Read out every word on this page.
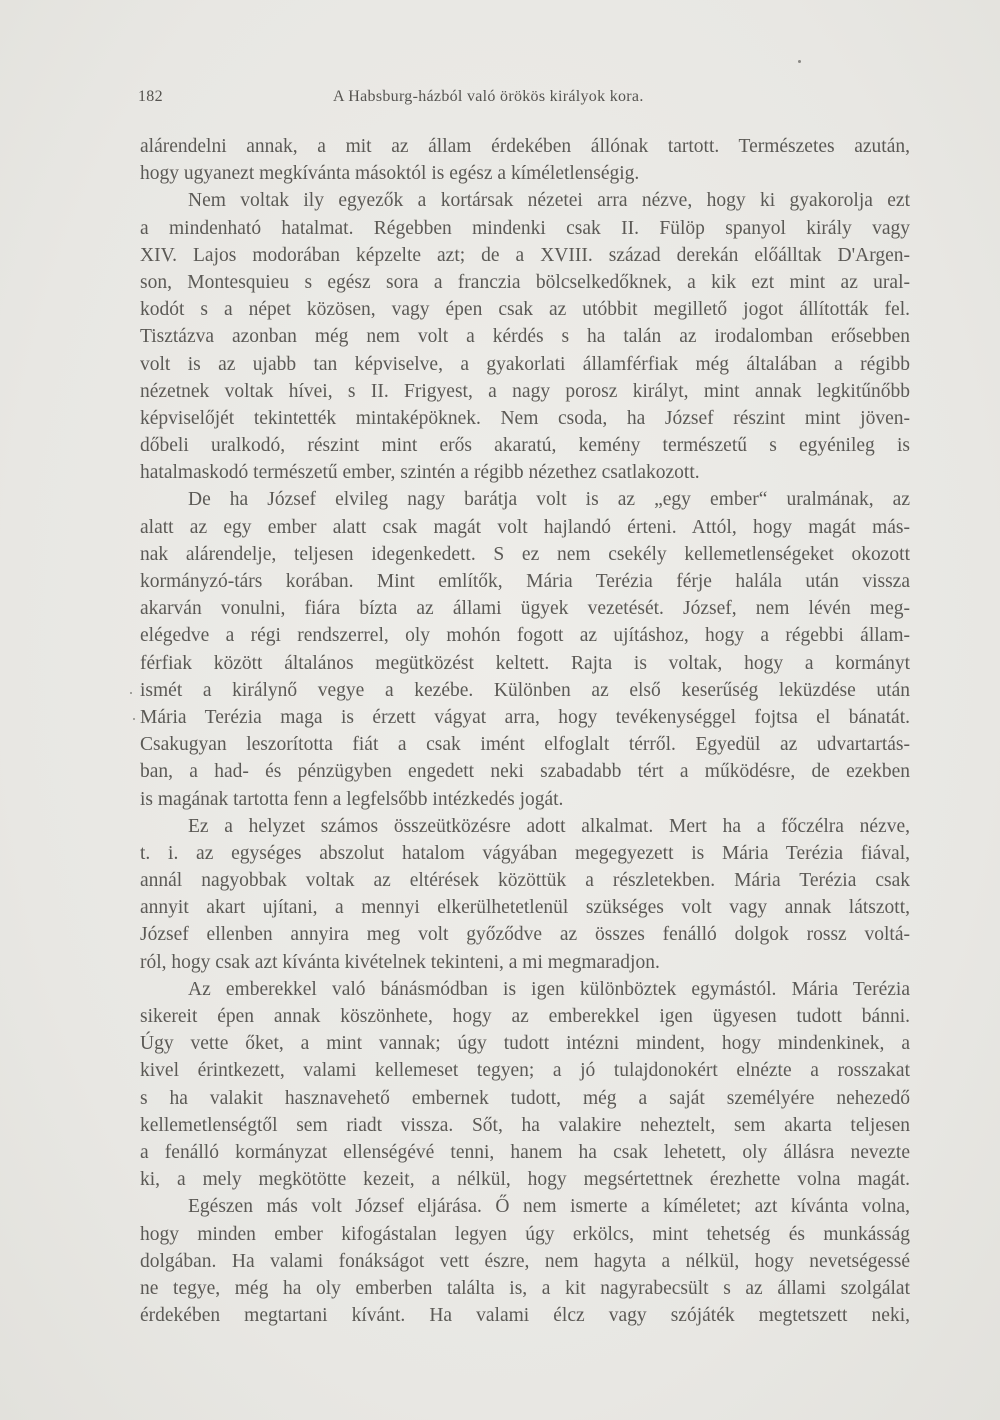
182	A Habsburg-házból való örökös királyok kora.
alárendelni annak, a mit az állam érdekében állónak tartott. Természetes azután,
hogy ugyanezt megkívánta másoktól is egész a kíméletlenségig.
Nem voltak ily egyezők a kortársak nézetei arra nézve, hogy ki gyakorolja ezt
a mindenható hatalmat. Régebben mindenki csak II. Fülöp spanyol király vagy
XIV. Lajos modorában képzelte azt; de a XVIII. század derekán előálltak D'Argen-
son, Montesquieu s egész sora a franczia bölcselkedőknek, a kik ezt mint az ural-
kodót s a népet közösen, vagy épen csak az utóbbit megillető jogot állították fel.
Tisztázva azonban még nem volt a kérdés s ha talán az irodalomban erősebben
volt is az ujabb tan képviselve, a gyakorlati államférfiak még általában a régibb
nézetnek voltak hívei, s II. Frigyest, a nagy porosz királyt, mint annak legkitűnőbb
képviselőjét tekintették mintaképöknek. Nem csoda, ha József részint mint jöven-
dőbeli uralkodó, részint mint erős akaratú, kemény természetű s egyénileg is
hatalmaskodó természetű ember, szintén a régibb nézethez csatlakozott.
De ha József elvileg nagy barátja volt is az „egy ember“ uralmának, az
alatt az egy ember alatt csak magát volt hajlandó érteni. Attól, hogy magát más-
nak alárendelje, teljesen idegenkedett. S ez nem csekély kellemetlenségeket okozott
kormányzó-társ korában. Mint említők, Mária Terézia férje halála után vissza
akarván vonulni, fiára bízta az állami ügyek vezetését. József, nem lévén meg-
elégedve a régi rendszerrel, oly mohón fogott az ujításhoz, hogy a régebbi állam-
férfiak között általános megütközést keltett. Rajta is voltak, hogy a kormányt
ismét a királynő vegye a kezébe. Különben az első keserűség leküzdése után
Mária Terézia maga is érzett vágyat arra, hogy tevékenységgel fojtsa el bánatát.
Csakugyan leszorította fiát a csak imént elfoglalt térről. Egyedül az udvartartás-
ban, a had- és pénzügyben engedett neki szabadabb tért a működésre, de ezekben
is magának tartotta fenn a legfelsőbb intézkedés jogát.
Ez a helyzet számos összeütközésre adott alkalmat. Mert ha a főczélra nézve,
t. i. az egységes abszolut hatalom vágyában megegyezett is Mária Terézia fiával,
annál nagyobbak voltak az eltérések közöttük a részletekben. Mária Terézia csak
annyit akart ujítani, a mennyi elkerülhetetlenül szükséges volt vagy annak látszott,
József ellenben annyira meg volt győződve az összes fenálló dolgok rossz voltá-
ról, hogy csak azt kívánta kivételnek tekinteni, a mi megmaradjon.
Az emberekkel való bánásmódban is igen különböztek egymástól. Mária Terézia
sikereit épen annak köszönhete, hogy az emberekkel igen ügyesen tudott bánni.
Úgy vette őket, a mint vannak; úgy tudott intézni mindent, hogy mindenkinek, a
kivel érintkezett, valami kellemeset tegyen; a jó tulajdonokért elnézte a rosszakat
s ha valakit hasznavehető embernek tudott, még a saját személyére nehezedő
kellemetlenségtől sem riadt vissza. Sőt, ha valakire neheztelt, sem akarta teljesen
a fenálló kormányzat ellenségévé tenni, hanem ha csak lehetett, oly állásra nevezte
ki, a mely megkötötte kezeit, a nélkül, hogy megsértettnek érezhette volna magát.
Egészen más volt József eljárása. Ő nem ismerte a kíméletet; azt kívánta volna,
hogy minden ember kifogástalan legyen úgy erkölcs, mint tehetség és munkásság
dolgában. Ha valami fonákságot vett észre, nem hagyta a nélkül, hogy nevetségessé
ne tegye, még ha oly emberben találta is, a kit nagyrabecsült s az állami szolgálat
érdekében megtartani kívánt. Ha valami élcz vagy szójáték megtetszett neki,
